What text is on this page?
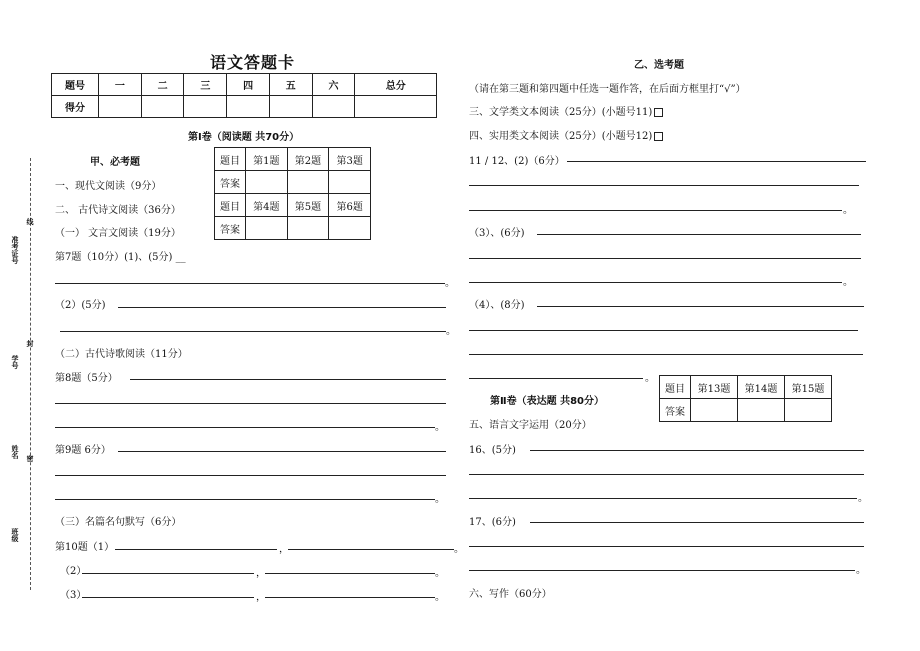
准考证号
线
学号
封
姓名 密
班级
语文答题卡
题号	一	二	三	四	五	六	总分
得分							
第Ⅰ卷（阅读题 共70分）
甲、必考题	题目	第1题	第2题	第3题
答案			
题目	第4题	第5题	第6题
答案			
一、现代文阅读（9分）
二、 古代诗文阅读（36分）
（一） 文言文阅读（19分）
第7题（10分）(1)、(5分) __
。
（2）(5分)
。
（二）古代诗歌阅读（11分）
第8题（5分）
。
第9题 6分）
。
（三）名篇名句默写（6分）
第10题（1）	，	。
（2）	，	。
（3）	，	。
乙、选考题
（请在第三题和第四题中任选一题作答，在后面方框里打“√”）
三、文学类文本阅读（25分）(小题号11)
四、实用类文本阅读（25分）(小题号12)
11 / 12、(2)（6分）
。
（3）、(6分)
。
（4）、(8分)
。
题目	第13题	第14题	第15题
答案			
第Ⅱ卷（表达题 共80分）
五、语言文字运用（20分）
16、(5分)
。
17、(6分)
。
六、写作（60分）
